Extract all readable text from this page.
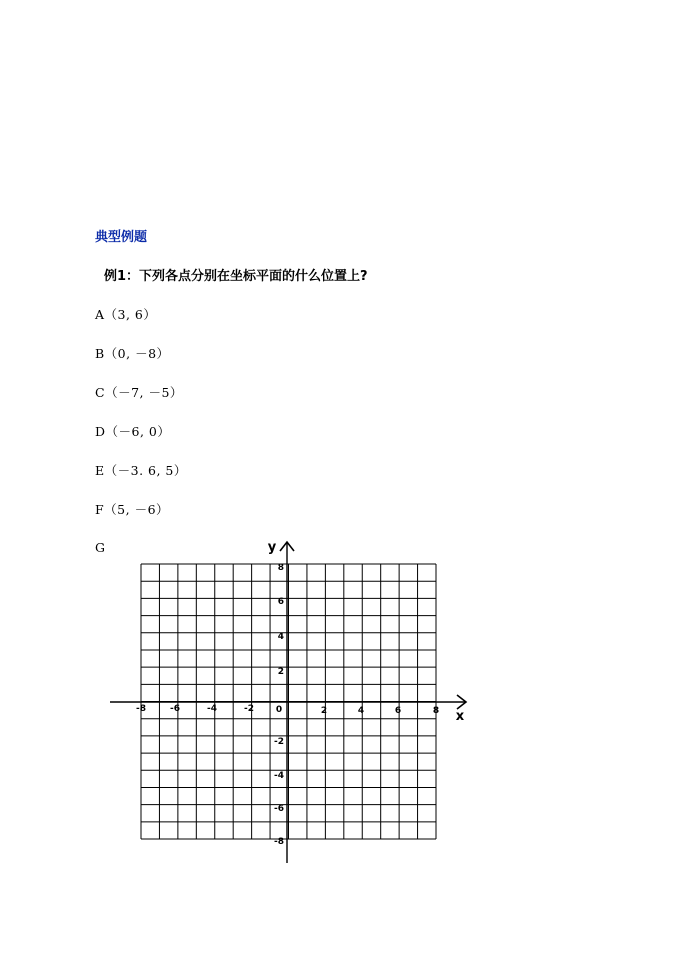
典型例题
例1：下列各点分别在坐标平面的什么位置上?
A（3, 6）
B（0, －8）
C（－7, －5）
D（－6, 0）
E（－3. 6, 5）
F（5, －6）
G
x
y
0
-8	-6	-4	-2	2	4	6	8
8
6
4
2
-2
-4
-6
-8
